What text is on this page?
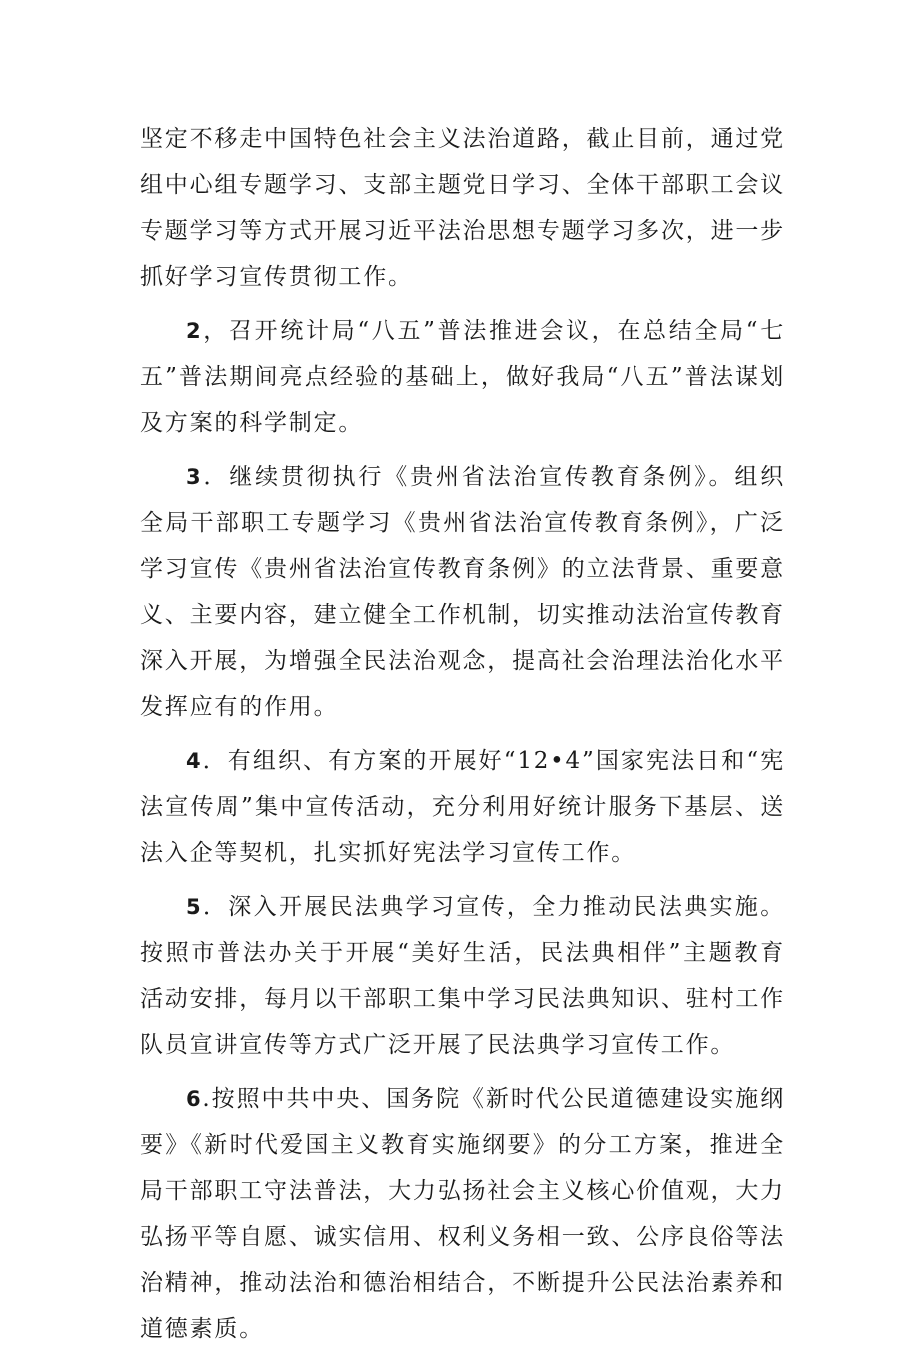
坚定不移走中国特色社会主义法治道路，截止目前，通过党组中心组专题学习、支部主题党日学习、全体干部职工会议专题学习等方式开展习近平法治思想专题学习多次，进一步抓好学习宣传贯彻工作。

2，召开统计局“八五”普法推进会议，在总结全局“七五”普法期间亮点经验的基础上，做好我局“八五”普法谋划及方案的科学制定。

3．继续贯彻执行《贵州省法治宣传教育条例》。组织全局干部职工专题学习《贵州省法治宣传教育条例》，广泛学习宣传《贵州省法治宣传教育条例》的立法背景、重要意义、主要内容，建立健全工作机制，切实推动法治宣传教育深入开展，为增强全民法治观念，提高社会治理法治化水平发挥应有的作用。

4．有组织、有方案的开展好“12•4”国家宪法日和“宪法宣传周”集中宣传活动，充分利用好统计服务下基层、送法入企等契机，扎实抓好宪法学习宣传工作。

5．深入开展民法典学习宣传，全力推动民法典实施。按照市普法办关于开展“美好生活，民法典相伴”主题教育活动安排，每月以干部职工集中学习民法典知识、驻村工作队员宣讲宣传等方式广泛开展了民法典学习宣传工作。

6.按照中共中央、国务院《新时代公民道德建设实施纲要》《新时代爱国主义教育实施纲要》的分工方案，推进全局干部职工守法普法，大力弘扬社会主义核心价值观，大力弘扬平等自愿、诚实信用、权利义务相一致、公序良俗等法治精神，推动法治和德治相结合，不断提升公民法治素养和道德素质。
